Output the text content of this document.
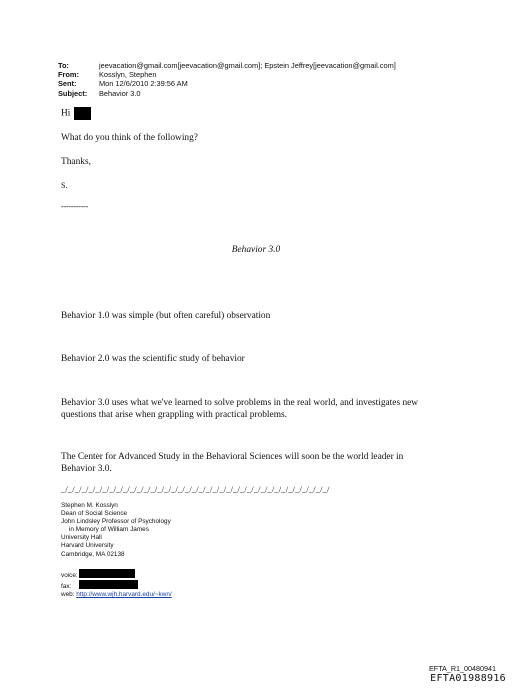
To:	jeevacation@gmail.com[jeevacation@gmail.com]; Epstein Jeffrey[jeevacation@gmail.com]
From:	Kosslyn, Stephen
Sent:	Mon 12/6/2010 2:39:56 AM
Subject:	Behavior 3.0
Hi
What do you think of the following?
Thanks,
S.
-----------
Behavior 3.0
Behavior 1.0 was simple (but often careful) observation
Behavior 2.0 was the scientific study of behavior
Behavior 3.0 uses what we've learned to solve problems in the real world, and investigates new
questions that arise when grappling with practical problems.
The Center for Advanced Study in the Behavioral Sciences will soon be the world leader in
Behavior 3.0.
_/_/_/_/_/_/_/_/_/_/_/_/_/_/_/_/_/_/_/_/_/_/_/_/_/_/_/_/_/_/_/_/_/_/_/_/_/_/_/
Stephen M. Kosslyn
Dean of Social Science
John Lindsley Professor of Psychology
in Memory of William James
University Hall
Harvard University
Cambridge, MA 02138
voice:
fax:
web: http://www.wjh.harvard.edu/~kwn/
EFTA_R1_00480941
EFTA01988916
